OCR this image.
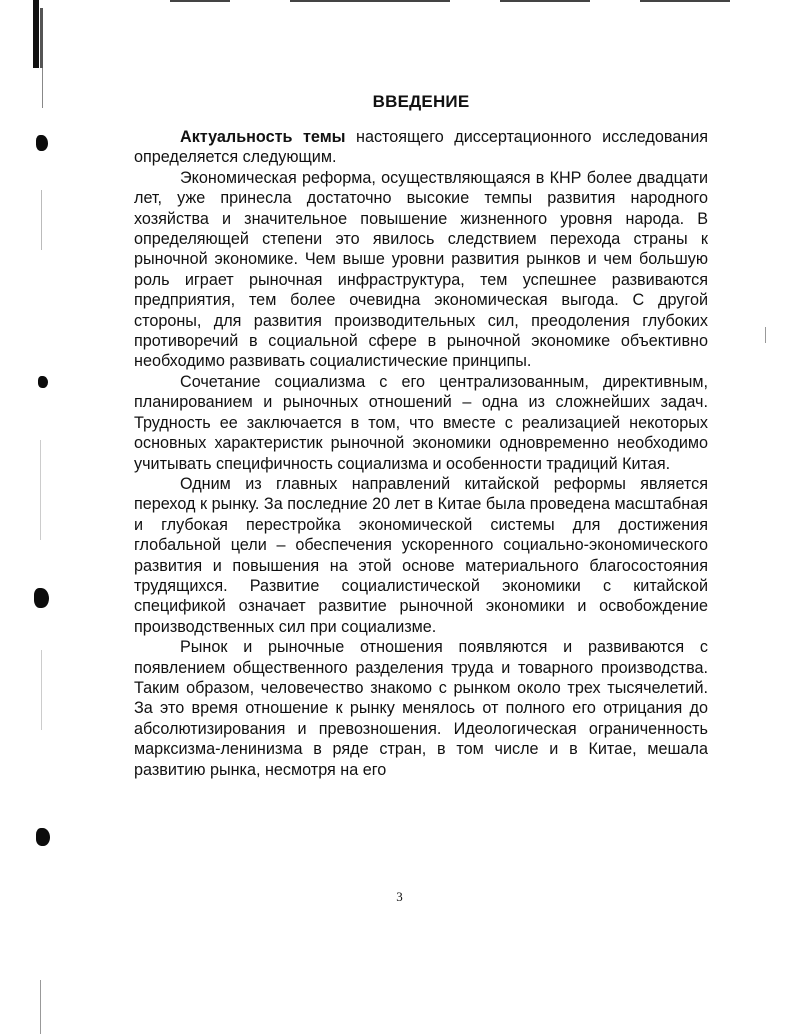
ВВЕДЕНИЕ

Актуальность темы настоящего диссертационного исследования определяется следующим.

Экономическая реформа, осуществляющаяся в КНР более двадцати лет, уже принесла достаточно высокие темпы развития народного хозяйства и значительное повышение жизненного уровня народа. В определяющей степени это явилось следствием перехода страны к рыночной экономике. Чем выше уровни развития рынков и чем большую роль играет рыночная инфраструктура, тем успешнее развиваются предприятия, тем более очевидна экономическая выгода. С другой стороны, для развития производительных сил, преодоления глубоких противоречий в социальной сфере в рыночной экономике объективно необходимо развивать социалистические принципы.

Сочетание социализма с его централизованным, директивным, планированием и рыночных отношений – одна из сложнейших задач. Трудность ее заключается в том, что вместе с реализацией некоторых основных характеристик рыночной экономики одновременно необходимо учитывать специфичность социализма и особенности традиций Китая.

Одним из главных направлений китайской реформы является переход к рынку. За последние 20 лет в Китае была проведена масштабная и глубокая перестройка экономической системы для достижения глобальной цели – обеспечения ускоренного социально-экономического развития и повышения на этой основе материального благосостояния трудящихся. Развитие социалистической экономики с китайской спецификой означает развитие рыночной экономики и освобождение производственных сил при социализме.

Рынок и рыночные отношения появляются и развиваются с появлением общественного разделения труда и товарного производства. Таким образом, человечество знакомо с рынком около трех тысячелетий. За это время отношение к рынку менялось от полного его отрицания до абсолютизирования и превозношения. Идеологическая ограниченность марксизма-ленинизма в ряде стран, в том числе и в Китае, мешала развитию рынка, несмотря на его

3
